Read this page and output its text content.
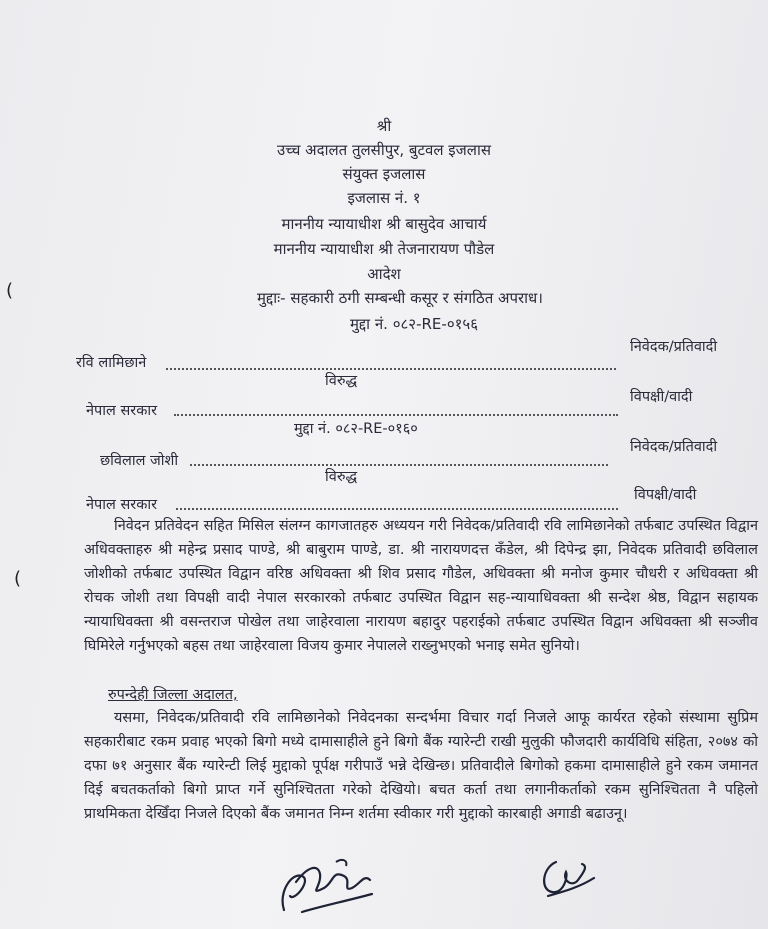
श्री
उच्च अदालत तुलसीपुर, बुटवल इजलास
संयुक्त इजलास
इजलास नं. १
माननीय न्यायाधीश श्री बासुदेव आचार्य
माननीय न्यायाधीश श्री तेजनारायण पौडेल
आदेश
मुद्दाः- सहकारी ठगी सम्बन्धी कसूर र संगठित अपराध।
मुद्दा नं. ०८२-RE-०१५६
रवि लामिछाने
निवेदक/प्रतिवादी
विरुद्ध
नेपाल सरकार
विपक्षी/वादी
मुद्दा नं. ०८२-RE-०१६०
छविलाल जोशी
निवेदक/प्रतिवादी
विरुद्ध
नेपाल सरकार
विपक्षी/वादी

निवेदन प्रतिवेदन सहित मिसिल संलग्न कागजातहरु अध्ययन गरी निवेदक/प्रतिवादी रवि लामिछानेको तर्फबाट उपस्थित विद्वान अधिवक्ताहरु श्री महेन्द्र प्रसाद पाण्डे, श्री बाबुराम पाण्डे, डा. श्री नारायणदत्त कँडेल, श्री दिपेन्द्र झा, निवेदक प्रतिवादी छविलाल जोशीको तर्फबाट उपस्थित विद्वान वरिष्ठ अधिवक्ता श्री शिव प्रसाद गौडेल, अधिवक्ता श्री मनोज कुमार चौधरी र अधिवक्ता श्री रोचक जोशी तथा विपक्षी वादी नेपाल सरकारको तर्फबाट उपस्थित विद्वान सह-न्यायाधिवक्ता श्री सन्देश श्रेष्ठ, विद्वान सहायक न्यायाधिवक्ता श्री वसन्तराज पोखेल तथा जाहेरवाला नारायण बहादुर पहराईको तर्फबाट उपस्थित विद्वान अधिवक्ता श्री सञ्जीव घिमिरेले गर्नुभएको बहस तथा जाहेरवाला विजय कुमार नेपालले राख्नुभएको भनाइ समेत सुनियो।

रुपन्देही जिल्ला अदालत,

यसमा, निवेदक/प्रतिवादी रवि लामिछानेको निवेदनका सन्दर्भमा विचार गर्दा निजले आफू कार्यरत रहेको संस्थामा सुप्रिम सहकारीबाट रकम प्रवाह भएको बिगो मध्ये दामासाहीले हुने बिगो बैंक ग्यारेन्टी राखी मुलुकी फौजदारी कार्यविधि संहिता, २०७४ को दफा ७१ अनुसार बैंक ग्यारेन्टी लिई मुद्दाको पूर्पक्ष गरीपाउँ भन्ने देखिन्छ। प्रतिवादीले बिगोको हकमा दामासाहीले हुने रकम जमानत दिई बचतकर्ताको बिगो प्राप्त गर्ने सुनिश्चितता गरेको देखियो। बचत कर्ता तथा लगानीकर्ताको रकम सुनिश्चितता नै पहिलो प्राथमिकता देखिँदा निजले दिएको बैंक जमानत निम्न शर्तमा स्वीकार गरी मुद्दाको कारबाही अगाडी बढाउनू।

(
(
